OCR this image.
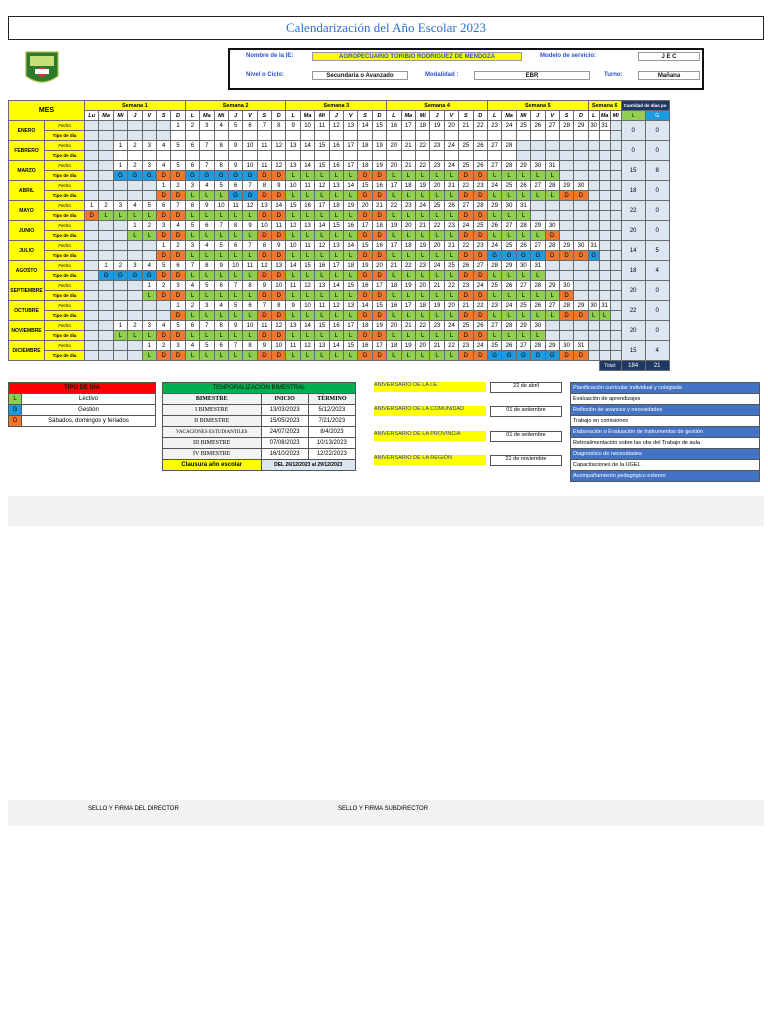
Calendarización del Año Escolar 2023
Nombre de la IE:	AGROPECUARIO TORIBIO RODRIGUEZ DE MENDOZA	Modelo de servicio:	J E C
Nivel o Ciclo:	Secundaria o Avanzado	Modalidad :	EBR	Turno:	Mañana
MES		Semana 1							Semana 2							Semana 3							Semana 4							Semana 5							Semana 6			Cantidad de días po	
		Lu	Ma	Mi	J	V	S	D	L	Ma	Mi	J	V	S	D	L	Ma	Mi	J	V	S	D	L	Ma	Mi	J	V	S	D	L	Ma	Mi	J	V	S	D	L	Ma	Mi	L	G
ENERO	Fecha							1	2	3	4	5	6	7	8	9	10	11	12	13	14	15	16	17	18	19	20	21	22	23	24	25	26	27	28	29	30	31		0	0
	Tipo de día																																								
FEBRERO	Fecha			1	2	3	4	5	6	7	8	9	10	11	12	13	14	15	16	17	18	19	20	21	22	23	24	25	26	27	28									0	0
	Tipo de día																																								
MARZO	Fecha			1	2	3	4	5	6	7	8	9	10	11	12	13	14	15	16	17	18	19	20	21	22	23	24	25	26	27	28	29	30	31						15	8
	Tipo de día			G	G	G	D	D	G	G	G	G	G	D	D	L	L	L	L	L	D	D	L	L	L	L	L	D	D	L	L	L	L	L							
ABRIL	Fecha						1	2	3	4	5	6	7	8	9	10	11	12	13	14	15	16	17	18	19	20	21	22	23	24	25	26	27	28	29	30				18	0
	Tipo de día						D	D	L	L	L	G	G	D	D	L	L	L	L	L	D	D	L	L	L	L	L	D	D	L	L	L	L	L	D	D					
MAYO	Fecha	1	2	3	4	5	6	7	8	9	10	11	12	13	14	15	16	17	18	19	20	21	22	23	24	25	26	27	28	29	30	31								22	0
	Tipo de día	D	L	L	L	L	D	D	L	L	L	L	L	D	D	L	L	L	L	L	D	D	L	L	L	L	L	D	D	L	L	L									
JUNIO	Fecha				1	2	3	4	5	6	7	8	9	10	11	12	13	14	15	16	17	18	19	20	21	22	23	24	25	26	27	28	29	30						20	0
	Tipo de día				L	L	D	D	L	L	L	L	L	D	D	L	L	L	L	L	D	D	L	L	L	L	L	D	D	L	L	L	L	D							
JULIO	Fecha						1	2	3	4	5	6	7	8	9	10	11	12	13	14	15	16	17	18	19	20	21	22	23	24	25	26	27	28	29	30	31			14	5
	Tipo de día						D	D	L	L	L	L	L	D	D	L	L	L	L	L	D	D	L	L	L	L	L	D	D	G	G	G	G	D	D	D	G				
AGOSTO	Fecha		1	2	3	4	5	6	7	8	9	10	11	12	13	14	15	16	17	18	19	20	21	22	23	24	25	26	27	28	29	30	31							18	4
	Tipo de día		G	G	G	G	D	D	L	L	L	L	L	D	D	L	L	L	L	L	D	D	L	L	L	L	L	D	D	L	L	L	L								
SEPTIEMBRE	Fecha					1	2	3	4	5	6	7	8	9	10	11	12	13	14	15	16	17	18	19	20	21	22	23	24	25	26	27	28	29	30					20	0
	Tipo de día					L	D	D	L	L	L	L	L	D	D	L	L	L	L	L	D	D	L	L	L	L	L	D	D	L	L	L	L	L	D						
OCTUBRE	Fecha							1	2	3	4	5	6	7	8	9	10	11	12	13	14	15	16	17	18	19	20	21	22	23	24	25	26	27	28	29	30	31		22	0
	Tipo de día							D	L	L	L	L	L	D	D	L	L	L	L	L	D	D	L	L	L	L	L	D	D	L	L	L	L	L	D	D	L	L			
NOVIEMBRE	Fecha			1	2	3	4	5	6	7	8	9	10	11	12	13	14	15	16	17	18	19	20	21	22	23	24	25	26	27	28	29	30							20	0
	Tipo de día			L	L	L	D	D	L	L	L	L	L	D	D	L	L	L	L	L	D	D	L	L	L	L	L	D	D	L	L	L	L								
DICIEMBRE	Fecha					1	2	3	4	5	6	7	8	9	10	11	12	13	14	15	16	17	18	19	20	21	22	23	24	25	26	27	28	29	30	31				15	4
	Tipo de día					L	D	D	L	L	L	L	L	D	D	L	L	L	L	L	D	D	L	L	L	L	L	D	D	G	G	G	G	G	D	D					
																																						Total:		184	21
TIPO DE DÍA	
L	Lectivo
G	Gestión
D	Sábados, domingos y feriados
TEMPORALIZACIÓN BIMESTRAL		
BIMESTRE	INICIO	TÉRMINO
I BIMESTRE	13/03/2023	5/12/2023
II BIMESTRE	15/05/2023	7/21/2023
VACACIONES ESTUDIANTILES	24/07/2023	8/4/2023
III BIMESTRE	07/08/2023	10/13/2023
IV BIMESTRE	16/10/2023	12/22/2023
Clausura año escolar	DEL 26/12/2023 al 29/12/2023	
ANIVERSARIO DE LA I.E.	22 de abril
ANIVERSARIO DE LA COMUNIDAD	01 de setiembre
ANIVERSARIO DE LA PROVINCIA	01 de setiembre
ANIVERSARIO DE LA REGIÓN	21 de noviembre
Planificación curricular individual y colegiada
Evaluación de aprendizajes
Reflexión de avances y necesidades
Trabajo en comisiones
Elaboración o Evaluación de Instrumentos de gestión
Retroalimentación sobre las obs del Trabajo de aula
Diagnóstico de necesidades
Capacitaciones de la UGEL
Acompañamiento pedagógico externo
SELLO Y FIRMA DEL DIRECTOR	SELLO Y FIRMA SUBDIRECTOR
